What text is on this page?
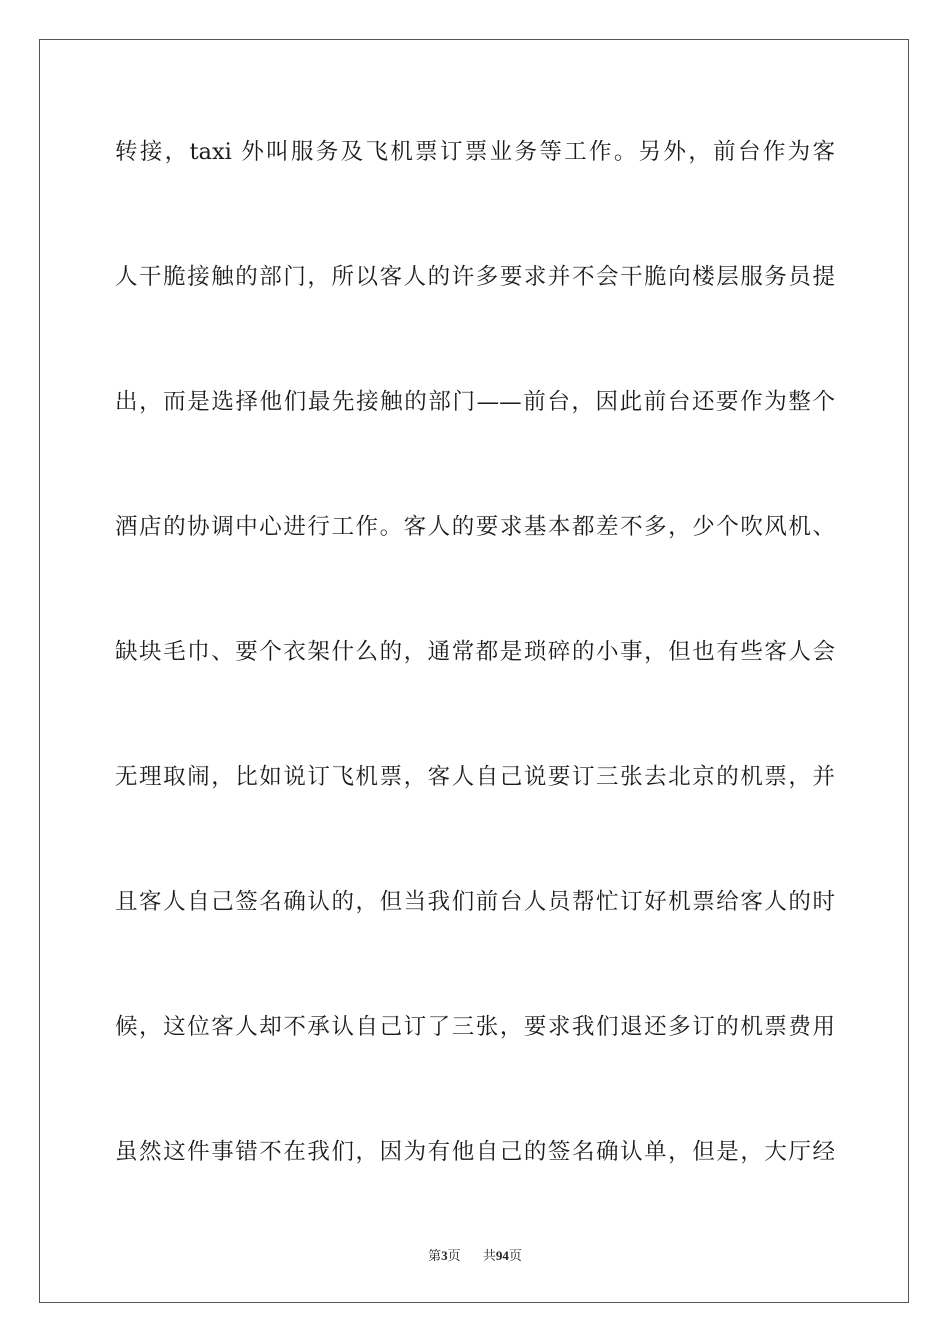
转接，taxi 外叫服务及飞机票订票业务等工作。另外，前台作为客
人干脆接触的部门，所以客人的许多要求并不会干脆向楼层服务员提
出，而是选择他们最先接触的部门——前台，因此前台还要作为整个
酒店的协调中心进行工作。客人的要求基本都差不多，少个吹风机、
缺块毛巾、要个衣架什么的，通常都是琐碎的小事，但也有些客人会
无理取闹，比如说订飞机票，客人自己说要订三张去北京的机票，并
且客人自己签名确认的，但当我们前台人员帮忙订好机票给客人的时
候，这位客人却不承认自己订了三张，要求我们退还多订的机票费用
虽然这件事错不在我们，因为有他自己的签名确认单，但是，大厅经
第3页 共94页
